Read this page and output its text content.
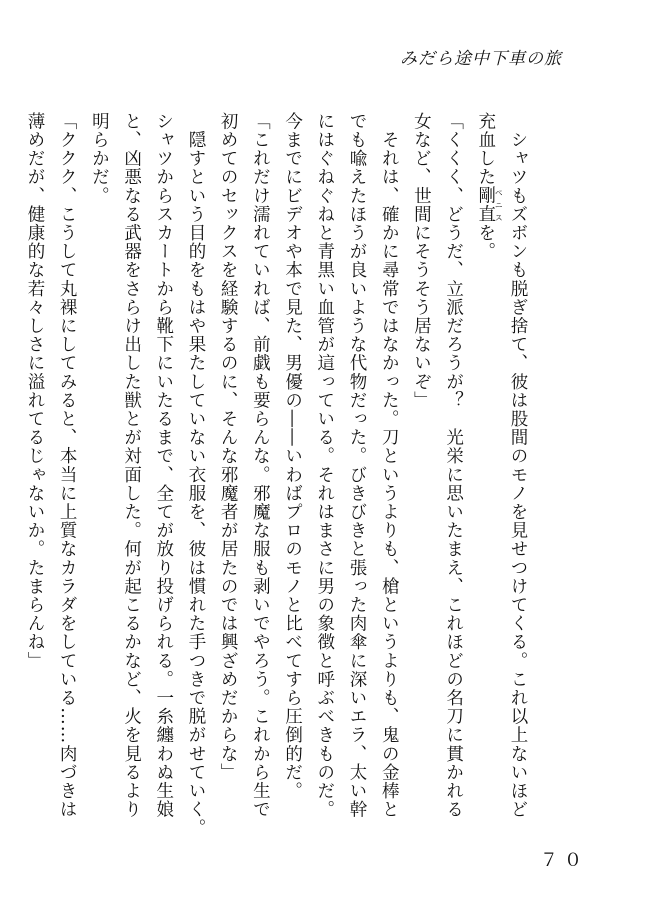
みだら途中下車の旅
　シャツもズボンも脱ぎ捨て、彼は股間のモノを見せつけてくる。これ以上ないほど
充血した剛直ペニスを。
「くくく、どうだ、立派だろうが？　光栄に思いたまえ、これほどの名刀に貫かれる
女など、世間にそうそう居ないぞ」
　それは、確かに尋常ではなかった。刀というよりも、槍というよりも、鬼の金棒と
でも喩えたほうが良いような代物だった。びきびきと張った肉傘に深いエラ、太い幹
にはぐねぐねと青黒い血管が這っている。それはまさに男の象徴と呼ぶべきものだ。
今までにビデオや本で見た、男優の――いわばプロのモノと比べてすら圧倒的だ。
「これだけ濡れていれば、前戯も要らんな。邪魔な服も剥いでやろう。これから生で
初めてのセックスを経験するのに、そんな邪魔者が居たのでは興ざめだからな」
　隠すという目的をもはや果たしていない衣服を、彼は慣れた手つきで脱がせていく。
シャツからスカートから靴下にいたるまで、全てが放り投げられる。一糸纏わぬ生娘
と、凶悪なる武器をさらけ出した獣とが対面した。何が起こるかなど、火を見るより
明らかだ。
「ククク、こうして丸裸にしてみると、本当に上質なカラダをしている……肉づきは
薄めだが、健康的な若々しさに溢れてるじゃないか。たまらんね」
７０
